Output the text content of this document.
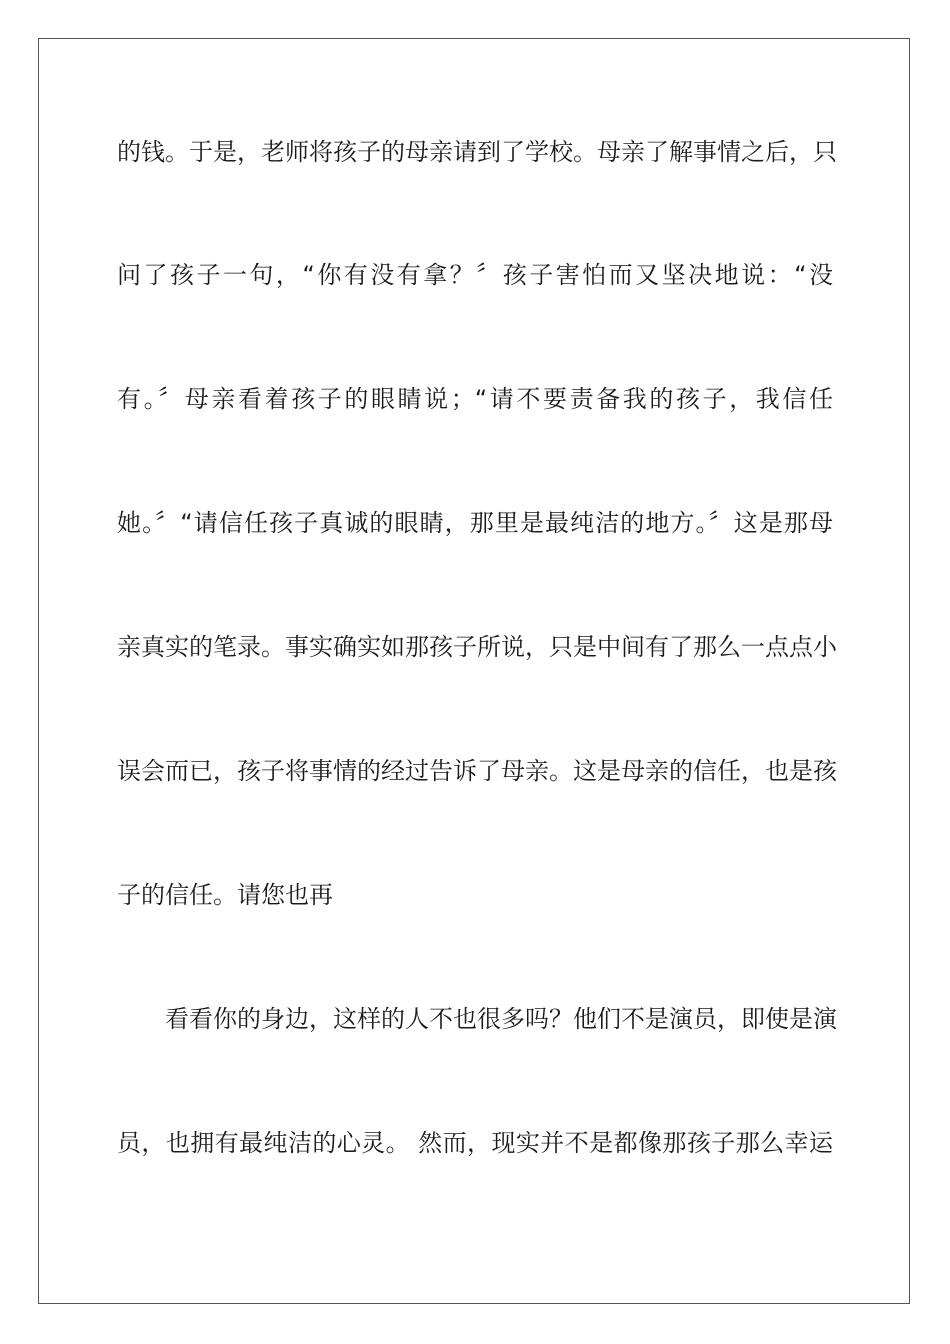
的钱。于是，老师将孩子的母亲请到了学校。母亲了解事情之后，只
问了孩子一句，“你有没有拿？〞孩子害怕而又坚决地说：“没
有。〞母亲看着孩子的眼睛说；“请不要责备我的孩子，我信任
她。〞“请信任孩子真诚的眼睛，那里是最纯洁的地方。〞这是那母
亲真实的笔录。事实确实如那孩子所说，只是中间有了那么一点点小
误会而已，孩子将事情的经过告诉了母亲。这是母亲的信任，也是孩
子的信任。请您也再
看看你的身边，这样的人不也很多吗？他们不是演员，即使是演
员，也拥有最纯洁的心灵。 然而，现实并不是都像那孩子那么幸运
